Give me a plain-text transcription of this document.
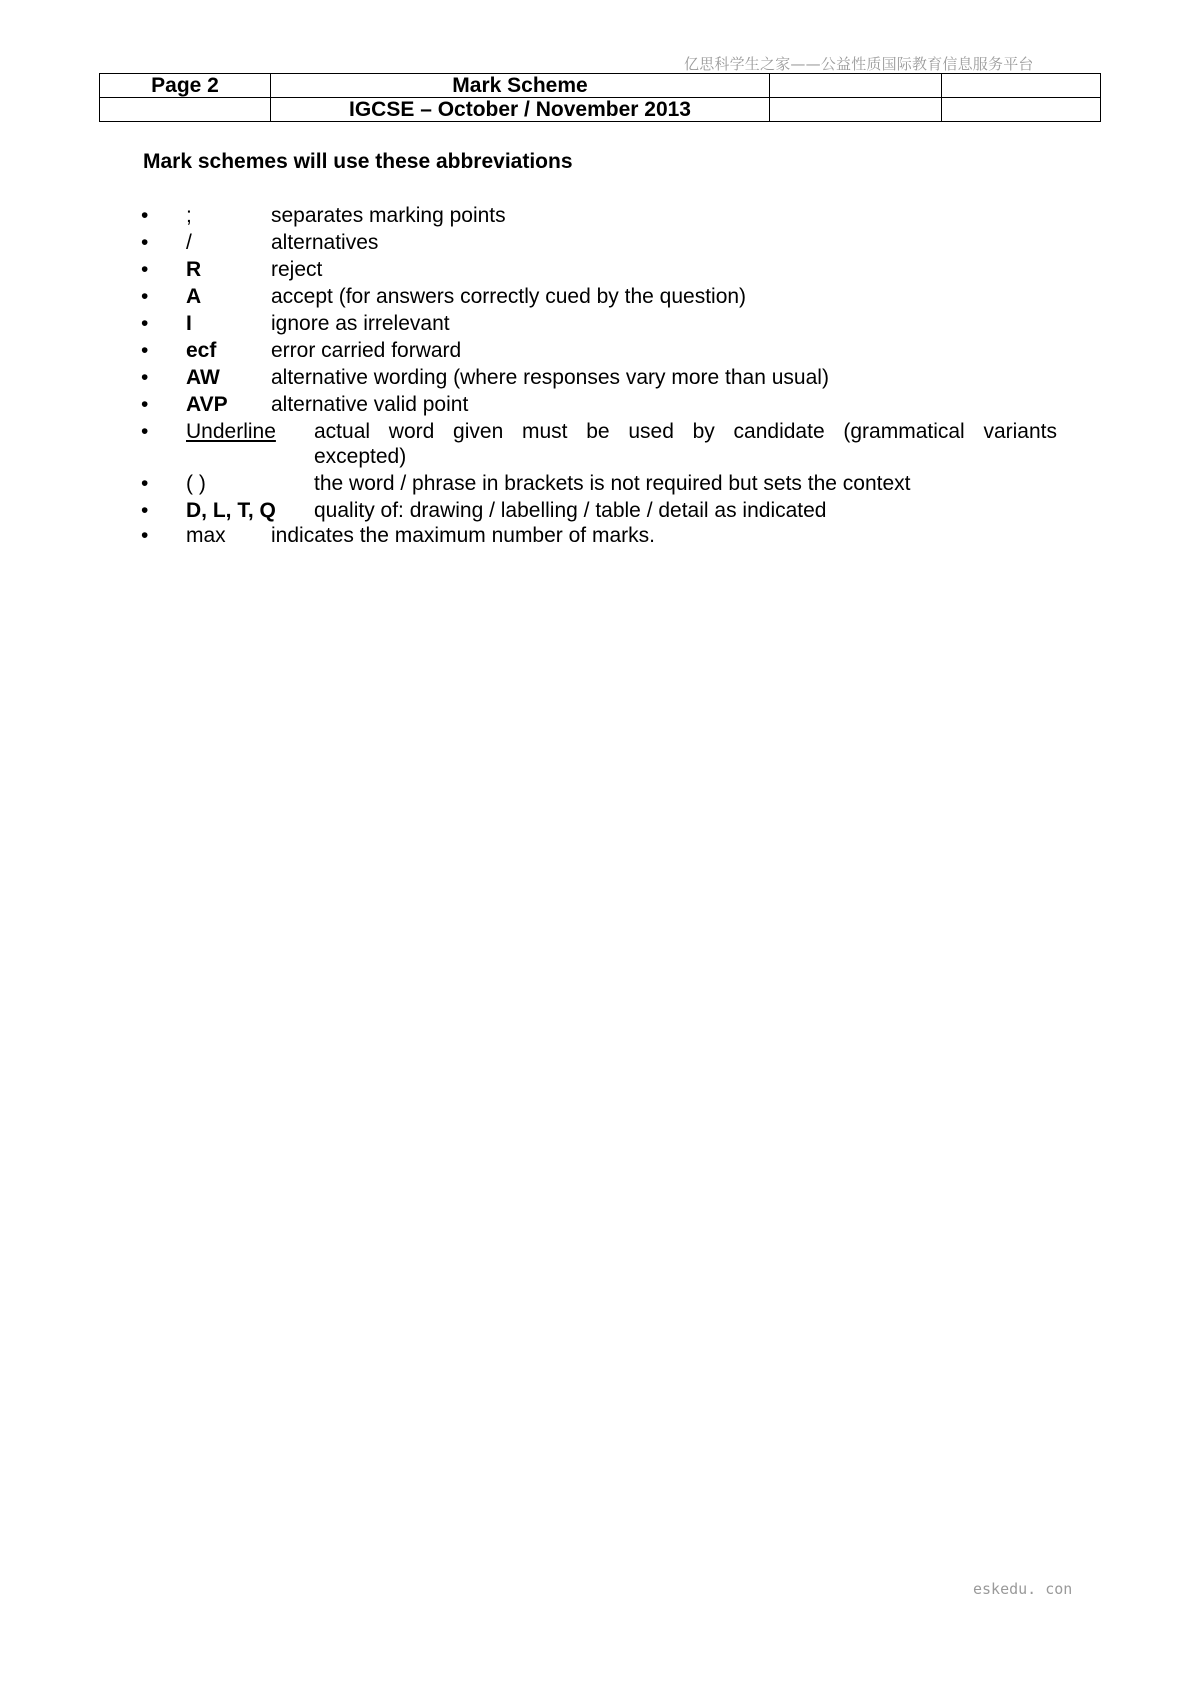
亿思科学生之家——公益性质国际教育信息服务平台
Page 2	Mark Scheme		
	IGCSE – October / November 2013		
Mark schemes will use these abbreviations
• ;	separates marking points
• /	alternatives
• R	reject
• A	accept (for answers correctly cued by the question)
• I	ignore as irrelevant
• ecf	error carried forward
• AW alternative wording (where responses vary more than usual)
• AVP alternative valid point
• Underline actual word given must be used by candidate (grammatical variants
excepted)
• ( )	the word / phrase in brackets is not required but sets the context
• D, L, T, Q quality of: drawing / labelling / table / detail as indicated
• max indicates the maximum number of marks.
eskedu. con
